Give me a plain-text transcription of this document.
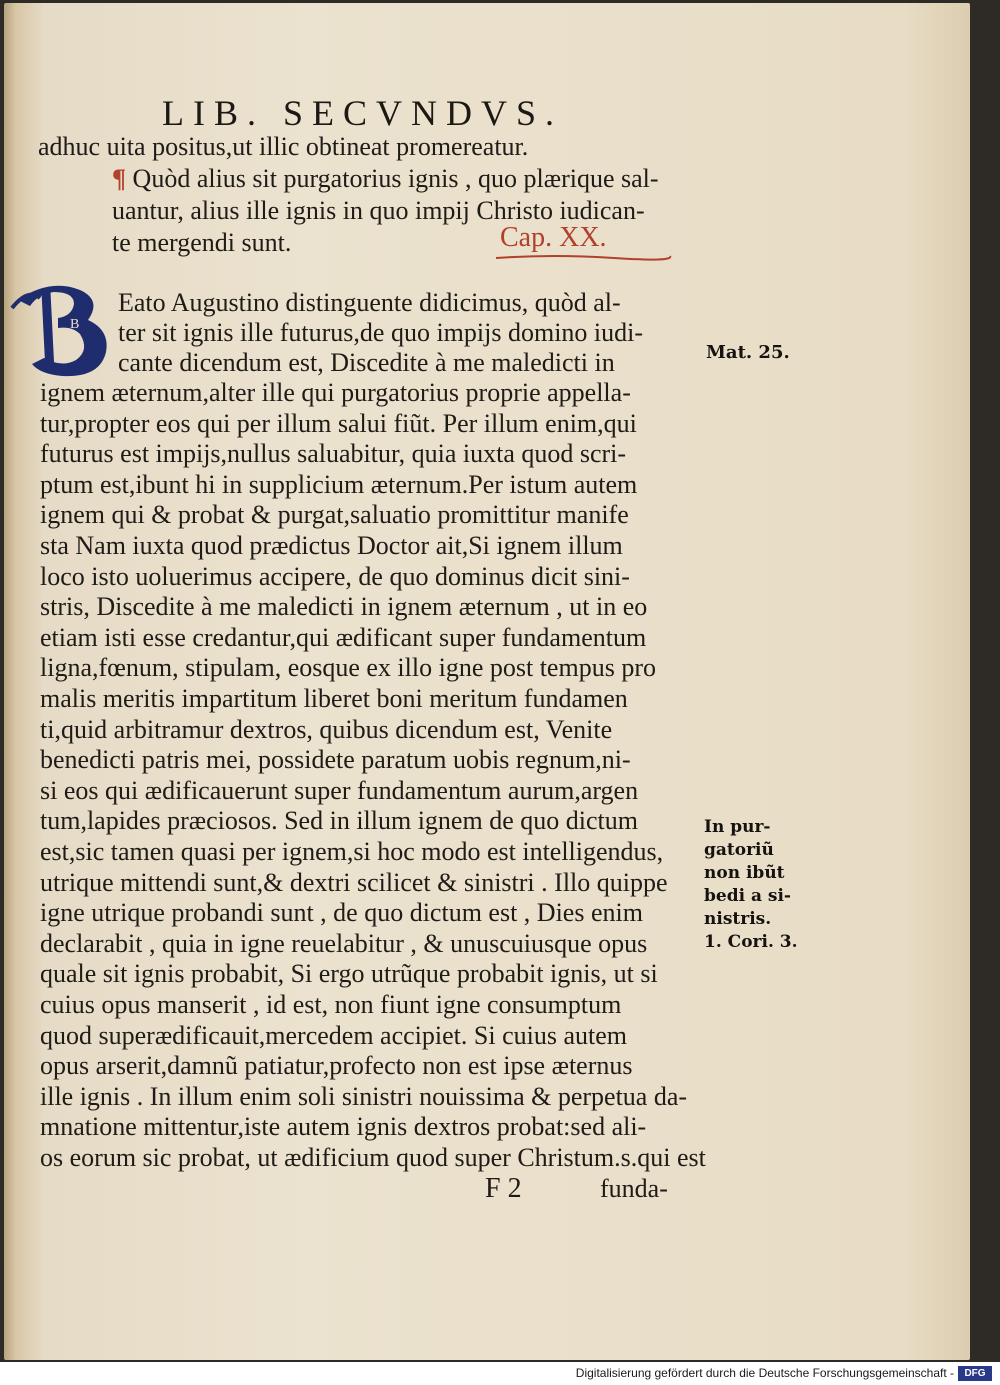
LIB. SECVNDVS.
adhuc uita positus,ut illic obtineat promereatur.
¶ Quòd alius sit purgatorius ignis , quo plærique sal-
uantur, alius ille ignis in quo impij Christo iudican-
te mergendi sunt.	Cap. XX.
B
Eato Augustino distinguente didicimus, quòd al-
ter sit ignis ille futurus,de quo impijs domino iudi-
cante dicendum est, Discedite à me maledicti in
ignem æternum,alter ille qui purgatorius proprie appella-
tur,propter eos qui per illum salui fiũt. Per illum enim,qui
futurus est impijs,nullus saluabitur, quia iuxta quod scri-
ptum est,ibunt hi in supplicium æternum.Per istum autem
ignem qui & probat & purgat,saluatio promittitur manife
sta Nam iuxta quod prædictus Doctor ait,Si ignem illum
loco isto uoluerimus accipere, de quo dominus dicit sini-
stris, Discedite à me maledicti in ignem æternum , ut in eo
etiam isti esse credantur,qui ædificant super fundamentum
ligna,fœnum, stipulam, eosque ex illo igne post tempus pro
malis meritis impartitum liberet boni meritum fundamen
ti,quid arbitramur dextros, quibus dicendum est, Venite
benedicti patris mei, possidete paratum uobis regnum,ni-
si eos qui ædificauerunt super fundamentum aurum,argen
tum,lapides præciosos. Sed in illum ignem de quo dictum
est,sic tamen quasi per ignem,si hoc modo est intelligendus,
utrique mittendi sunt,& dextri scilicet & sinistri . Illo quippe
igne utrique probandi sunt , de quo dictum est , Dies enim
declarabit , quia in igne reuelabitur , & unuscuiusque opus
quale sit ignis probabit, Si ergo utrũque probabit ignis, ut si
cuius opus manserit , id est, non fiunt igne consumptum
quod superædificauit,mercedem accipiet. Si cuius autem
opus arserit,damnũ patiatur,profecto non est ipse æternus
ille ignis . In illum enim soli sinistri nouissima & perpetua da-
mnatione mittentur,iste autem ignis dextros probat:sed ali-
os eorum sic probat, ut ædificium quod super Christum.s.qui est
Mat. 25.
In pur-
gatoriũ
non ibũt
bedi a si-
nistris.
1. Cori. 3.
F 2	funda-
Digitalisierung gefördert durch die Deutsche Forschungsgemeinschaft -	DFG
